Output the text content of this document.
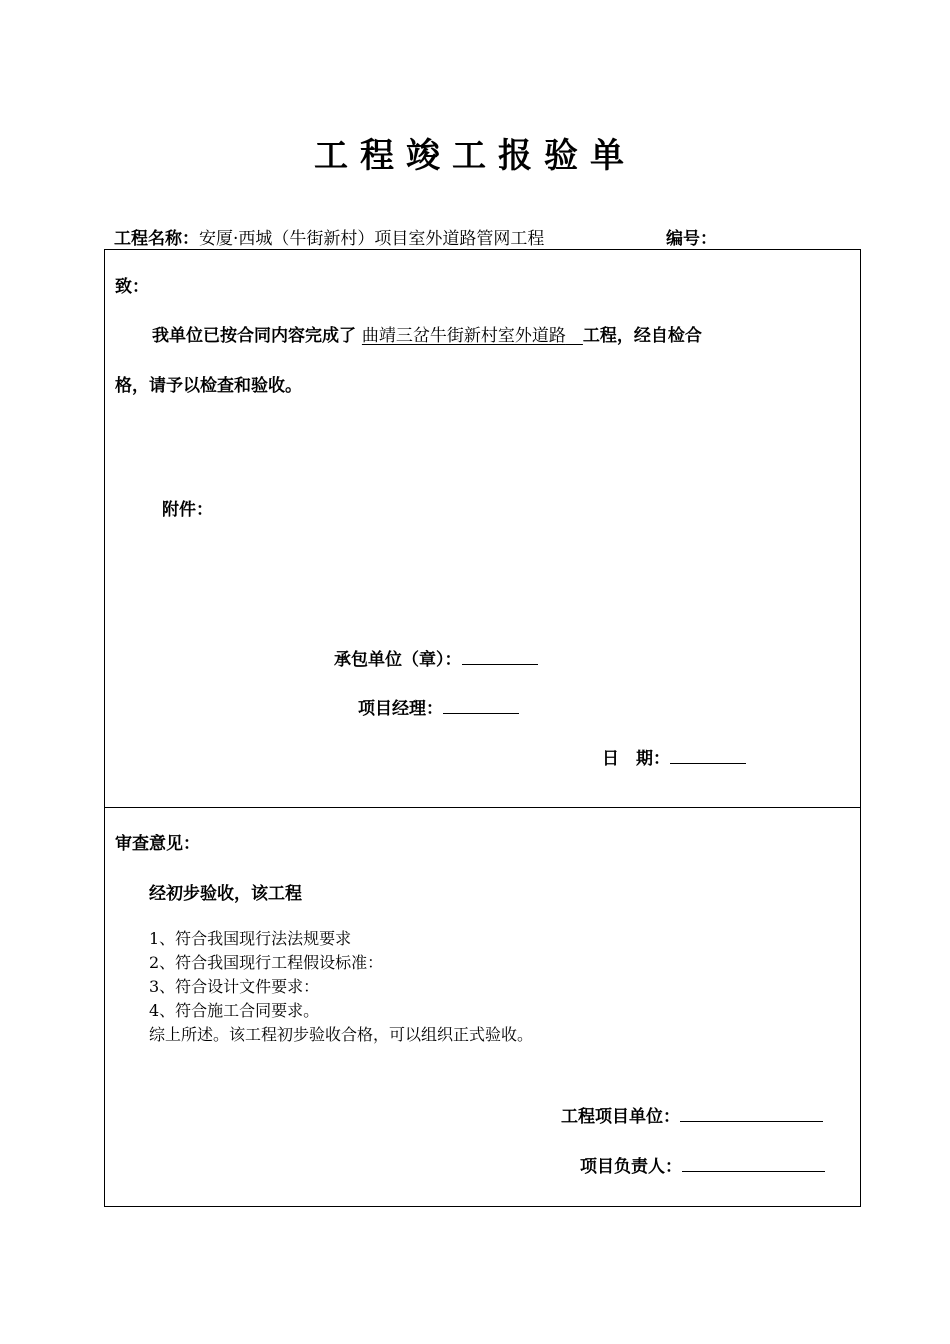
工程竣工报验单
工程名称：安厦·西城（牛街新村）项目室外道路管网工程	编号：
致：
我单位已按合同内容完成了 曲靖三岔牛街新村室外道路　 工程，经自检合
格，请予以检查和验收。
附件：
承包单位（章）：
项目经理：
日　期：
审查意见：
经初步验收，该工程
1、符合我国现行法法规要求
2、符合我国现行工程假设标准：
3、符合设计文件要求：
4、符合施工合同要求。
综上所述。该工程初步验收合格，可以组织正式验收。
工程项目单位：
项目负责人：
